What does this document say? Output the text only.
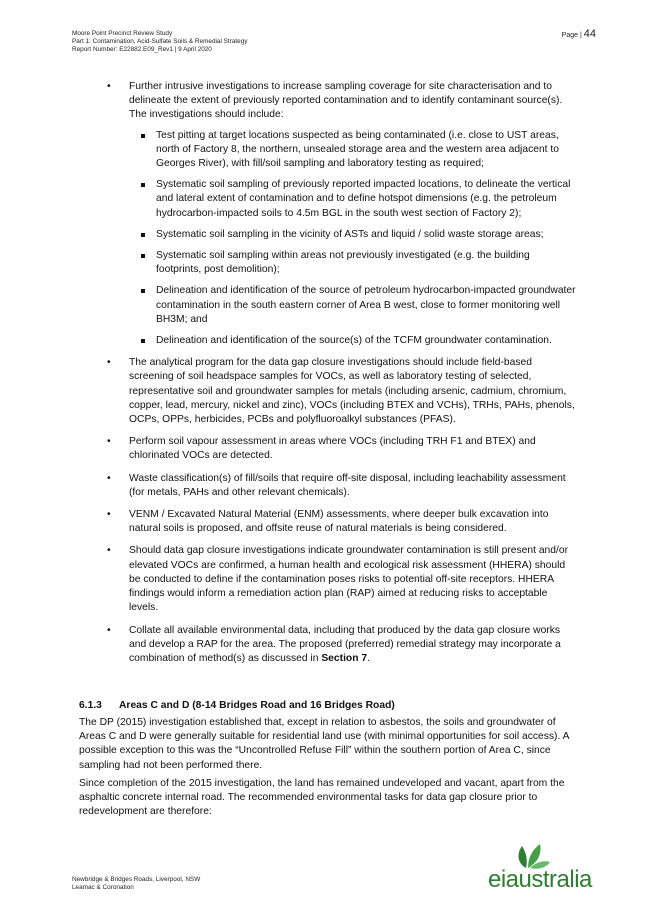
Moore Point Precinct Review Study
Part 1: Contamination, Acid-Sulfate Soils & Remedial Strategy
Report Number: E22882.E09_Rev1 | 9 April 2020
Page | 44
•	Further intrusive investigations to increase sampling coverage for site characterisation and to delineate the extent of previously reported contamination and to identify contaminant source(s). The investigations should include:
Test pitting at target locations suspected as being contaminated (i.e. close to UST areas, north of Factory 8, the northern, unsealed storage area and the western area adjacent to Georges River), with fill/soil sampling and laboratory testing as required;
Systematic soil sampling of previously reported impacted locations, to delineate the vertical and lateral extent of contamination and to define hotspot dimensions (e.g. the petroleum hydrocarbon-impacted soils to 4.5m BGL in the south west section of Factory 2);
Systematic soil sampling in the vicinity of ASTs and liquid / solid waste storage areas;
Systematic soil sampling within areas not previously investigated (e.g. the building footprints, post demolition);
Delineation and identification of the source of petroleum hydrocarbon-impacted groundwater contamination in the south eastern corner of Area B west, close to former monitoring well BH3M; and
Delineation and identification of the source(s) of the TCFM groundwater contamination.
•	The analytical program for the data gap closure investigations should include field-based screening of soil headspace samples for VOCs, as well as laboratory testing of selected, representative soil and groundwater samples for metals (including arsenic, cadmium, chromium, copper, lead, mercury, nickel and zinc), VOCs (including BTEX and VCHs), TRHs, PAHs, phenols, OCPs, OPPs, herbicides, PCBs and polyfluoroalkyl substances (PFAS).
•	Perform soil vapour assessment in areas where VOCs (including TRH F1 and BTEX) and chlorinated VOCs are detected.
•	Waste classification(s) of fill/soils that require off-site disposal, including leachability assessment (for metals, PAHs and other relevant chemicals).
•	VENM / Excavated Natural Material (ENM) assessments, where deeper bulk excavation into natural soils is proposed, and offsite reuse of natural materials is being considered.
•	Should data gap closure investigations indicate groundwater contamination is still present and/or elevated VOCs are confirmed, a human health and ecological risk assessment (HHERA) should be conducted to define if the contamination poses risks to potential off-site receptors. HHERA findings would inform a remediation action plan (RAP) aimed at reducing risks to acceptable levels.
•	Collate all available environmental data, including that produced by the data gap closure works and develop a RAP for the area. The proposed (preferred) remedial strategy may incorporate a combination of method(s) as discussed in Section 7.
6.1.3 Areas C and D (8-14 Bridges Road and 16 Bridges Road)
The DP (2015) investigation established that, except in relation to asbestos, the soils and groundwater of Areas C and D were generally suitable for residential land use (with minimal opportunities for soil access). A possible exception to this was the “Uncontrolled Refuse Fill” within the southern portion of Area C, since sampling had not been performed there.
Since completion of the 2015 investigation, the land has remained undeveloped and vacant, apart from the asphaltic concrete internal road. The recommended environmental tasks for data gap closure prior to redevelopment are therefore:
Newbridge & Bridges Roads, Liverpool, NSW
Leamac & Coronation	eiaustralia
